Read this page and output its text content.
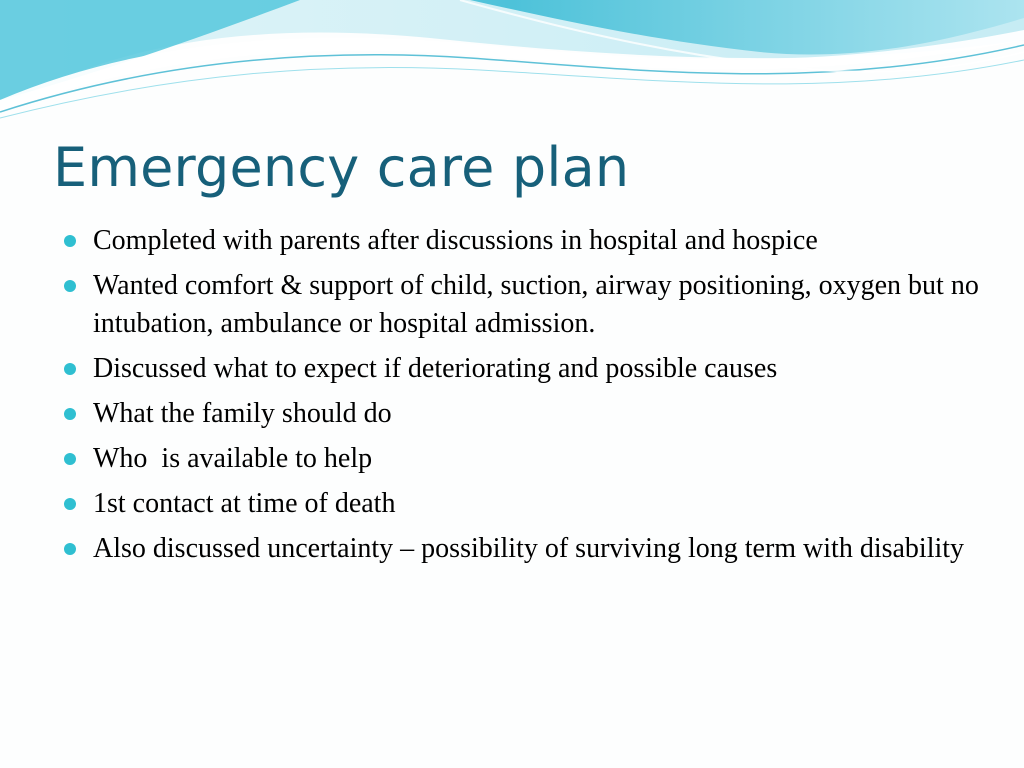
Emergency care plan
Completed with parents after discussions in hospital and hospice
Wanted comfort & support of child, suction, airway positioning, oxygen but no intubation, ambulance or hospital admission.
Discussed what to expect if deteriorating and possible causes
What the family should do
Who  is available to help
1st contact at time of death
Also discussed uncertainty – possibility of surviving long term with disability
